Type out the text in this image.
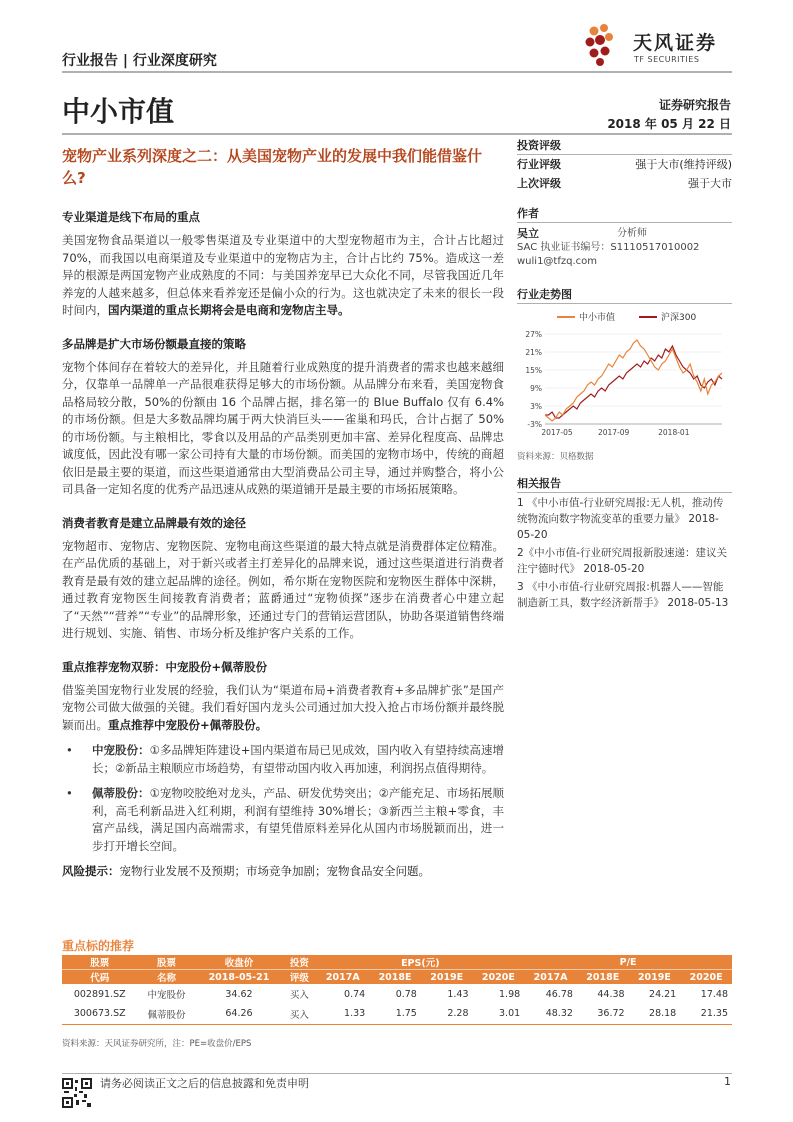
行业报告 | 行业深度研究
天风证券
TF SECURITIES
中小市值	证券研究报告
2018 年 05 月 22 日
宠物产业系列深度之二：从美国宠物产业的发展中我们能借鉴什么?
专业渠道是线下布局的重点
美国宠物食品渠道以一般零售渠道及专业渠道中的大型宠物超市为主，合计占比超过 70%，而我国以电商渠道及专业渠道中的宠物店为主，合计占比约 75%。造成这一差异的根源是两国宠物产业成熟度的不同：与美国养宠早已大众化不同，尽管我国近几年养宠的人越来越多，但总体来看养宠还是偏小众的行为。这也就决定了未来的很长一段时间内，国内渠道的重点长期将会是电商和宠物店主导。
多品牌是扩大市场份额最直接的策略
宠物个体间存在着较大的差异化，并且随着行业成熟度的提升消费者的需求也越来越细分，仅靠单一品牌单一产品很难获得足够大的市场份额。从品牌分布来看，美国宠物食品格局较分散，50%的份额由 16 个品牌占据，排名第一的 Blue Buffalo 仅有 6.4%的市场份额。但是大多数品牌均属于两大快消巨头——雀巢和玛氏，合计占据了 50%的市场份额。与主粮相比，零食以及用品的产品类别更加丰富、差异化程度高、品牌忠诚度低，因此没有哪一家公司持有大量的市场份额。而美国的宠物市场中，传统的商超依旧是最主要的渠道，而这些渠道通常由大型消费品公司主导，通过并购整合，将小公司具备一定知名度的优秀产品迅速从成熟的渠道铺开是最主要的市场拓展策略。
消费者教育是建立品牌最有效的途径
宠物超市、宠物店、宠物医院、宠物电商这些渠道的最大特点就是消费群体定位精准。在产品优质的基础上，对于新兴或者主打差异化的品牌来说，通过这些渠道进行消费者教育是最有效的建立起品牌的途径。例如，希尔斯在宠物医院和宠物医生群体中深耕，通过教育宠物医生间接教育消费者；蓝爵通过“宠物侦探”逐步在消费者心中建立起了“天然”“营养”“专业”的品牌形象，还通过专门的营销运营团队，协助各渠道销售终端进行规划、实施、销售、市场分析及维护客户关系的工作。
重点推荐宠物双骄：中宠股份+佩蒂股份
借鉴美国宠物行业发展的经验，我们认为“渠道布局+消费者教育+多品牌扩张”是国产宠物公司做大做强的关键。我们看好国内龙头公司通过加大投入抢占市场份额并最终脱颖而出。重点推荐中宠股份+佩蒂股份。
• 中宠股份：①多品牌矩阵建设+国内渠道布局已见成效，国内收入有望持续高速增长；②新品主粮顺应市场趋势，有望带动国内收入再加速，利润拐点值得期待。
• 佩蒂股份：①宠物咬胶绝对龙头，产品、研发优势突出；②产能充足、市场拓展顺利，高毛利新品进入红利期，利润有望维持 30%增长；③新西兰主粮+零食，丰富产品线，满足国内高端需求，有望凭借原料差异化从国内市场脱颖而出，进一步打开增长空间。
风险提示：宠物行业发展不及预期；市场竞争加剧；宠物食品安全问题。
投资评级
行业评级	强于大市(维持评级)
上次评级	强于大市
作者
吴立	分析师
SAC 执业证书编号：S1110517010002
wuli1@tfzq.com
行业走势图
中小市值	沪深300
27%
21%
15%
9%
3%
-3%
2017-05	2017-09	2018-01
资料来源：贝格数据
相关报告
1 《中小市值-行业研究周报:无人机，推动传统物流向数字物流变革的重要力量》 2018-05-20
2《中小市值-行业研究周报新股速递：建议关注宁德时代》 2018-05-20
3 《中小市值-行业研究周报:机器人——智能制造新工具，数字经济新帮手》 2018-05-13
重点标的推荐
股票	股票	收盘价	投资	EPS(元)				P/E			
代码	名称	2018-05-21	评级	2017A	2018E	2019E	2020E	2017A	2018E	2019E	2020E
002891.SZ	中宠股份	34.62	买入	0.74	0.78	1.43	1.98	46.78	44.38	24.21	17.48
300673.SZ	佩蒂股份	64.26	买入	1.33	1.75	2.28	3.01	48.32	36.72	28.18	21.35
资料来源：天风证券研究所，注：PE=收盘价/EPS
请务必阅读正文之后的信息披露和免责申明	1
